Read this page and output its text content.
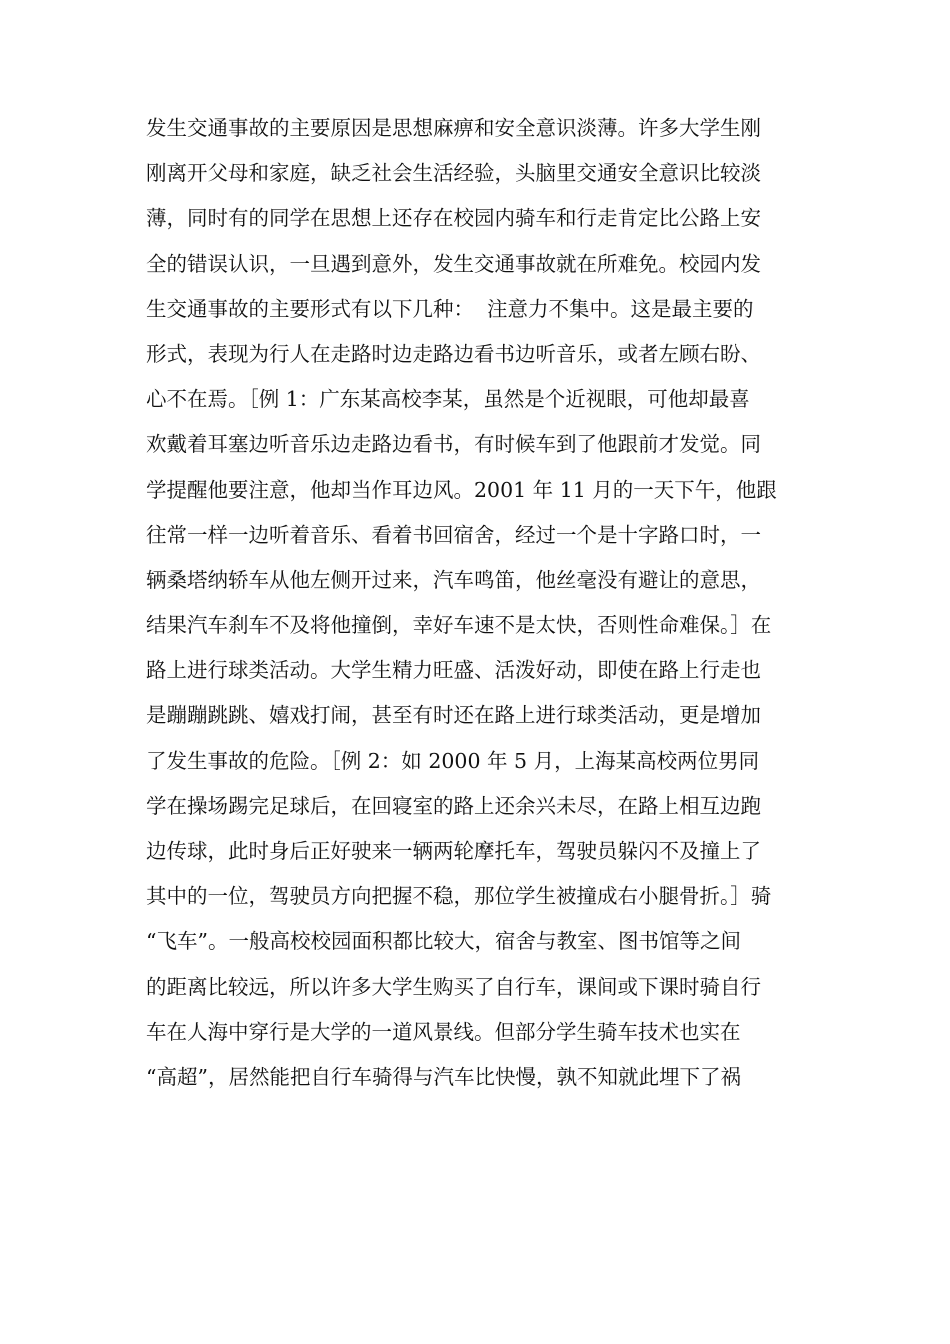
发生交通事故的主要原因是思想麻痹和安全意识淡薄。许多大学生刚
刚离开父母和家庭，缺乏社会生活经验，头脑里交通安全意识比较淡
薄，同时有的同学在思想上还存在校园内骑车和行走肯定比公路上安
全的错误认识，一旦遇到意外，发生交通事故就在所难免。校园内发
生交通事故的主要形式有以下几种：  注意力不集中。这是最主要的
形式，表现为行人在走路时边走路边看书边听音乐，或者左顾右盼、
心不在焉。［例 1：广东某高校李某，虽然是个近视眼，可他却最喜
欢戴着耳塞边听音乐边走路边看书，有时候车到了他跟前才发觉。同
学提醒他要注意，他却当作耳边风。2001 年 11 月的一天下午，他跟
往常一样一边听着音乐、看着书回宿舍，经过一个是十字路口时，一
辆桑塔纳轿车从他左侧开过来，汽车鸣笛，他丝毫没有避让的意思，
结果汽车刹车不及将他撞倒，幸好车速不是太快，否则性命难保。］在
路上进行球类活动。大学生精力旺盛、活泼好动，即使在路上行走也
是蹦蹦跳跳、嬉戏打闹，甚至有时还在路上进行球类活动，更是增加
了发生事故的危险。［例 2：如 2000 年 5 月，上海某高校两位男同
学在操场踢完足球后，在回寝室的路上还余兴未尽，在路上相互边跑
边传球，此时身后正好驶来一辆两轮摩托车，驾驶员躲闪不及撞上了
其中的一位，驾驶员方向把握不稳，那位学生被撞成右小腿骨折。］骑
“飞车”。一般高校校园面积都比较大，宿舍与教室、图书馆等之间
的距离比较远，所以许多大学生购买了自行车，课间或下课时骑自行
车在人海中穿行是大学的一道风景线。但部分学生骑车技术也实在
“高超”，居然能把自行车骑得与汽车比快慢，孰不知就此埋下了祸
